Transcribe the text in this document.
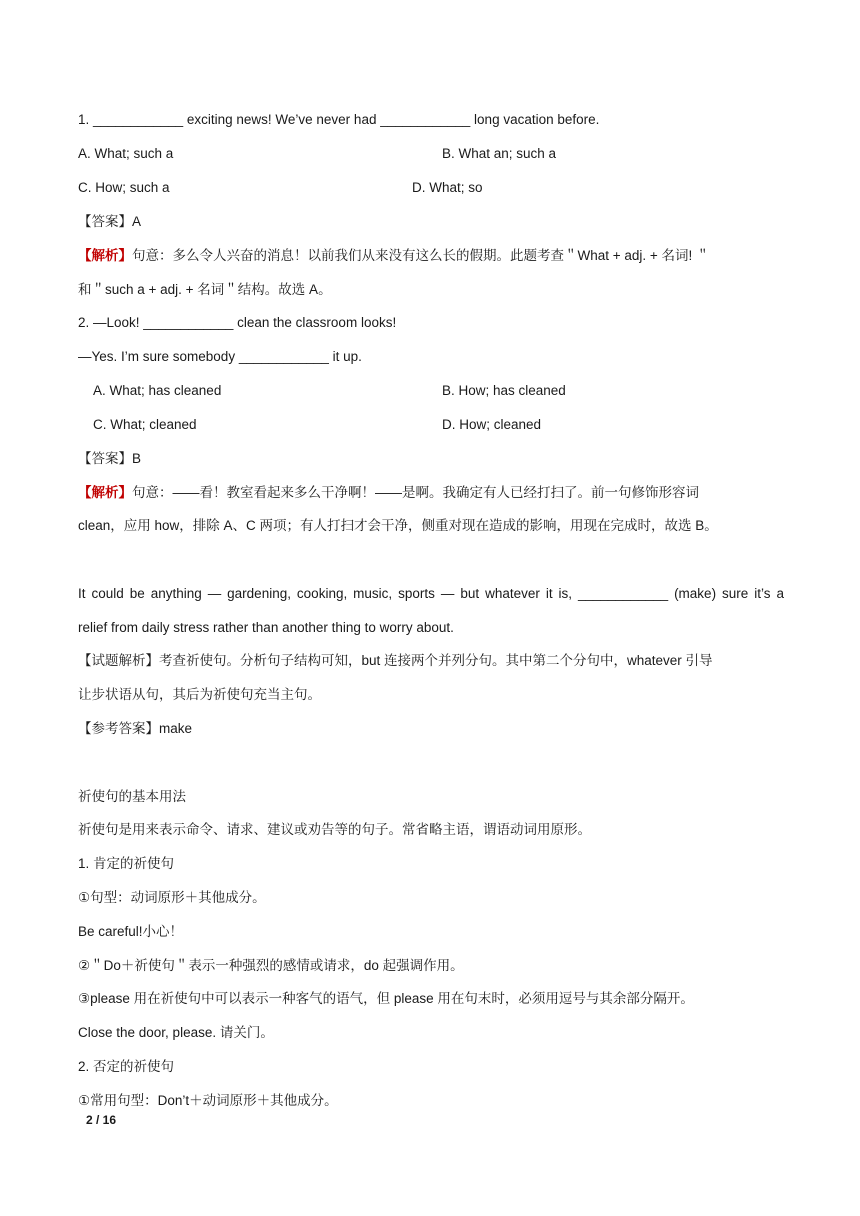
1. ____________ exciting news! We’ve never had ____________ long vacation before.
A. What; such a	B. What an; such a
C. How; such a	D. What; so
【答案】A
【解析】句意：多么令人兴奋的消息！以前我们从来没有这么长的假期。此题考查＂What + adj. + 名词! ＂
和＂such a + adj. + 名词＂结构。故选 A。
2. —Look! ____________ clean the classroom looks!
—Yes. I’m sure somebody ____________ it up.
A. What; has cleaned	B. How; has cleaned
C. What; cleaned	D. How; cleaned
【答案】B
【解析】句意：——看！教室看起来多么干净啊！——是啊。我确定有人已经打扫了。前一句修饰形容词
clean，应用 how，排除 A、C 两项；有人打扫才会干净，侧重对现在造成的影响，用现在完成时，故选 B。
It could be anything — gardening, cooking, music, sports — but whatever it is, ____________ (make) sure it’s a
relief from daily stress rather than another thing to worry about.
【试题解析】考查祈使句。分析句子结构可知，but 连接两个并列分句。其中第二个分句中，whatever 引导
让步状语从句，其后为祈使句充当主句。
【参考答案】make
祈使句的基本用法
祈使句是用来表示命令、请求、建议或劝告等的句子。常省略主语，谓语动词用原形。
1. 肯定的祈使句
①句型：动词原形＋其他成分。
Be careful!小心！
②＂Do＋祈使句＂表示一种强烈的感情或请求，do 起强调作用。
③please 用在祈使句中可以表示一种客气的语气，但 please 用在句末时，必须用逗号与其余部分隔开。
Close the door, please. 请关门。
2. 否定的祈使句
①常用句型：Don’t＋动词原形＋其他成分。
2 / 16
